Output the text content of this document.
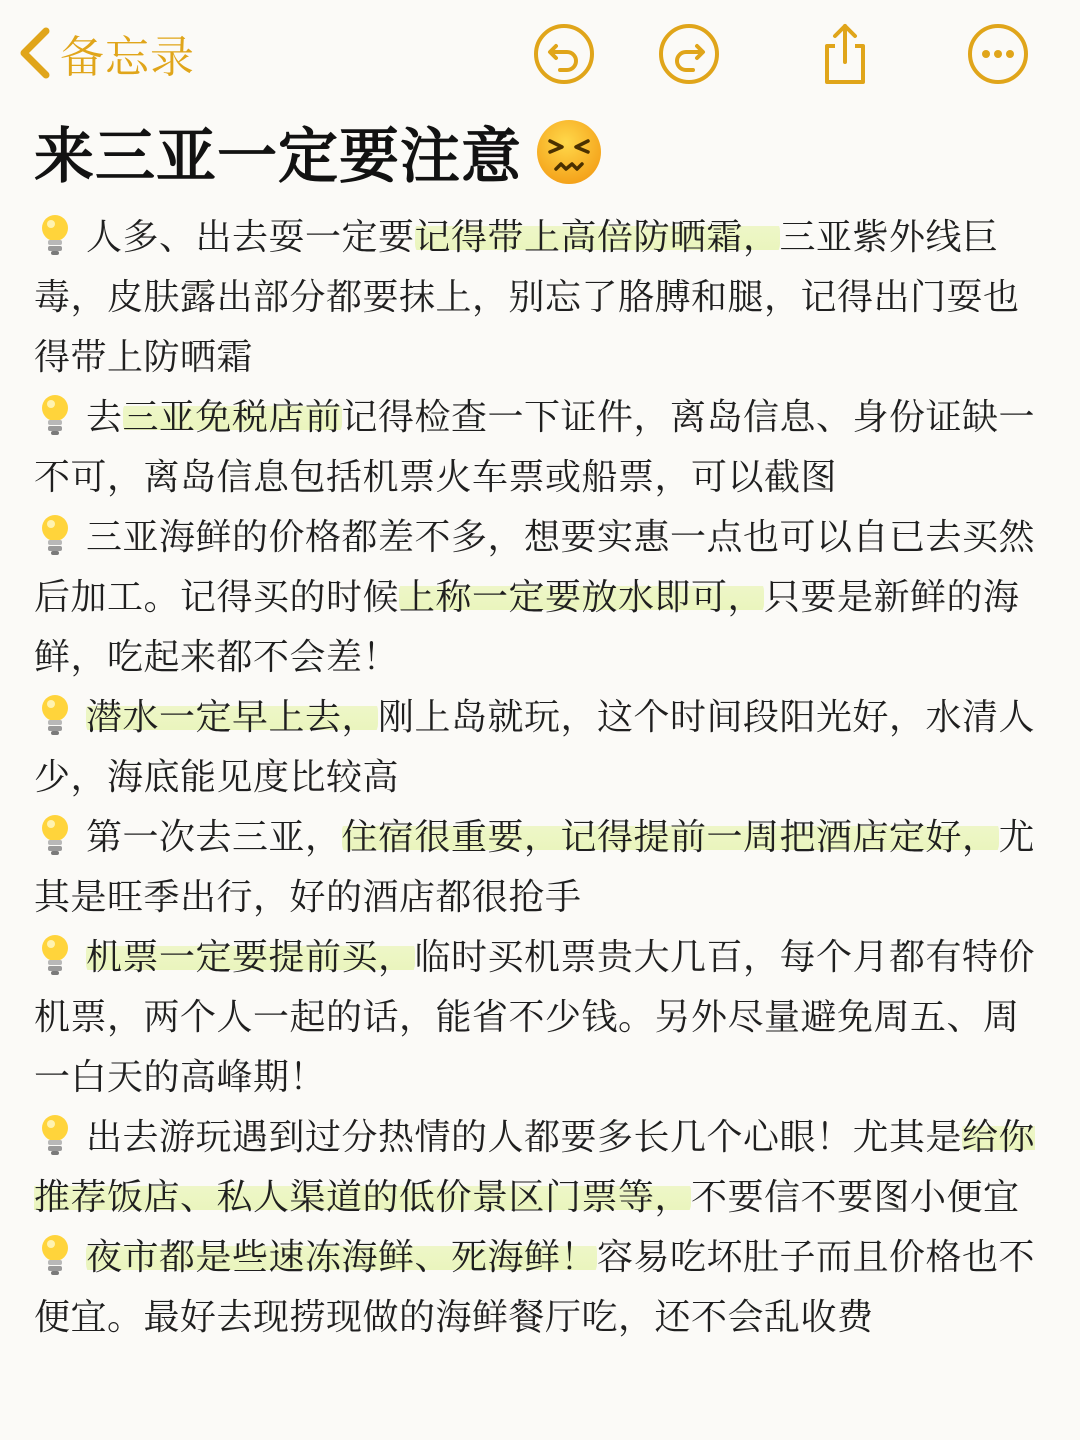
备忘录
来三亚一定要注意

人多、出去耍一定要记得带上高倍防晒霜，三亚紫外线巨毒，皮肤露出部分都要抹上，别忘了胳膊和腿，记得出门耍也得带上防晒霜

去三亚免税店前记得检查一下证件，离岛信息、身份证缺一不可，离岛信息包括机票火车票或船票，可以截图

三亚海鲜的价格都差不多，想要实惠一点也可以自已去买然后加工。记得买的时候上称一定要放水即可，只要是新鲜的海鲜，吃起来都不会差！

潜水一定早上去，刚上岛就玩，这个时间段阳光好，水清人少，海底能见度比较高

第一次去三亚，住宿很重要，记得提前一周把酒店定好，尤其是旺季出行，好的酒店都很抢手

机票一定要提前买，临时买机票贵大几百，每个月都有特价机票，两个人一起的话，能省不少钱。另外尽量避免周五、周一白天的高峰期！

出去游玩遇到过分热情的人都要多长几个心眼！尤其是给你推荐饭店、私人渠道的低价景区门票等，不要信不要图小便宜

夜市都是些速冻海鲜、死海鲜！容易吃坏肚子而且价格也不便宜。最好去现捞现做的海鲜餐厅吃，还不会乱收费
